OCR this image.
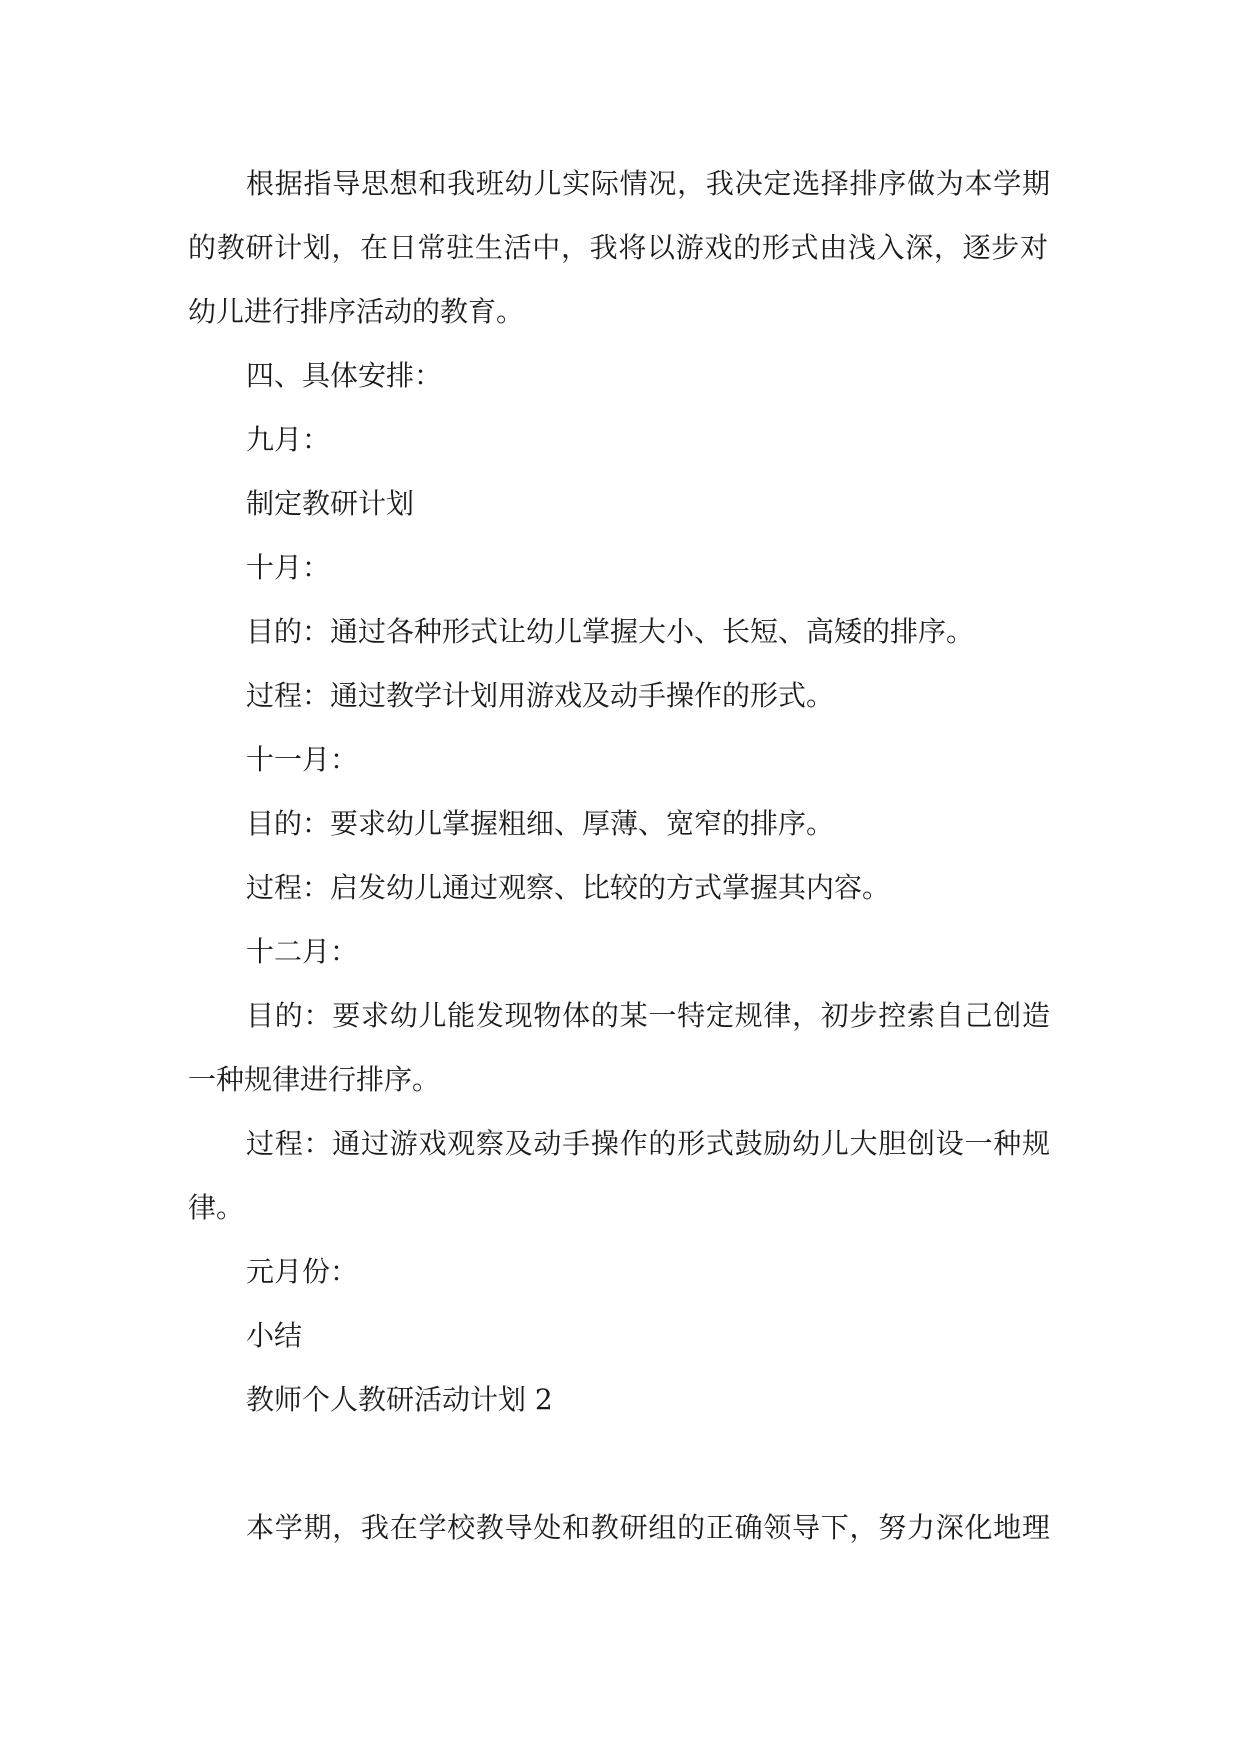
根据指导思想和我班幼儿实际情况，我决定选择排序做为本学期
的教研计划，在日常驻生活中，我将以游戏的形式由浅入深，逐步对
幼儿进行排序活动的教育。
四、具体安排：
九月：
制定教研计划
十月：
目的：通过各种形式让幼儿掌握大小、长短、高矮的排序。
过程：通过教学计划用游戏及动手操作的形式。
十一月：
目的：要求幼儿掌握粗细、厚薄、宽窄的排序。
过程：启发幼儿通过观察、比较的方式掌握其内容。
十二月：
目的：要求幼儿能发现物体的某一特定规律，初步控索自己创造
一种规律进行排序。
过程：通过游戏观察及动手操作的形式鼓励幼儿大胆创设一种规
律。
元月份：
小结
教师个人教研活动计划 2
本学期，我在学校教导处和教研组的正确领导下，努力深化地理
